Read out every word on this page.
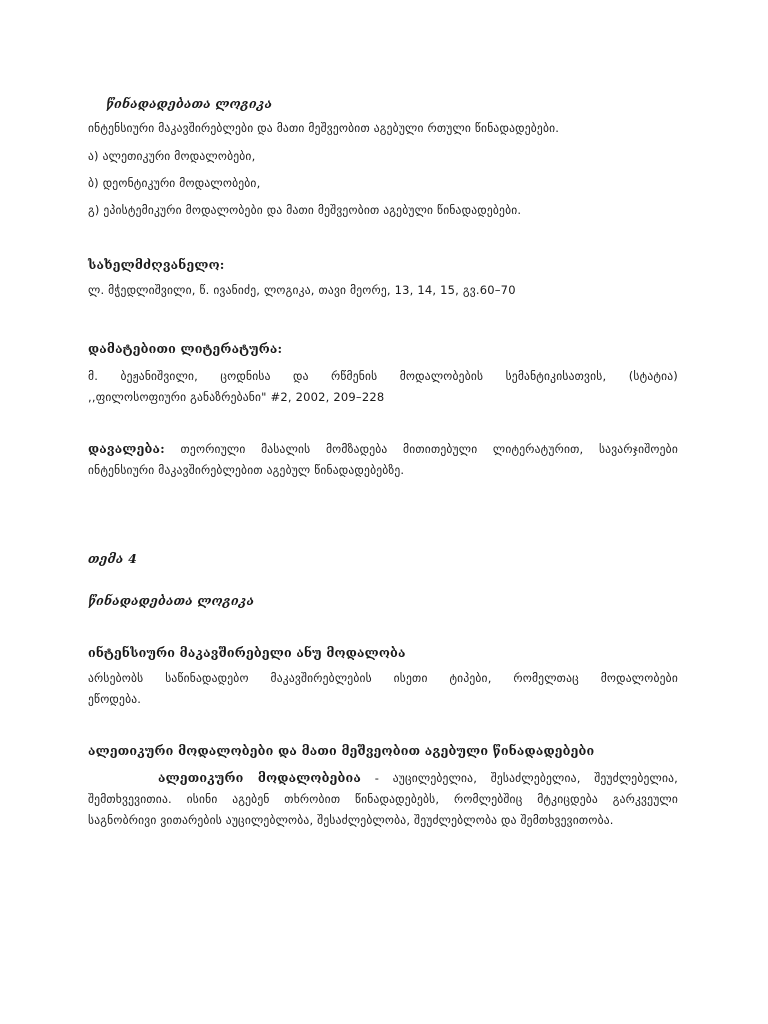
წინადადებათა ლოგიკა
ინტენსიური მაკავშირებლები და მათი მეშვეობით აგებული რთული წინადადებები.
ა) ალეთიკური მოდალობები,
ბ) დეონტიკური მოდალობები,
გ) ეპისტემიკური მოდალობები და მათი მეშვეობით აგებული წინადადებები.
სახელმძღვანელო:
ლ. მჭედლიშვილი, წ. ივანიძე, ლოგიკა, თავი მეორე, 13, 14, 15, გვ.60–70
დამატებითი ლიტერატურა:
მ. ბეჟანიშვილი, ცოდნისა და რწმენის მოდალობების სემანტიკისათვის, (სტატია)
,,ფილოსოფიური განაზრებანი" #2, 2002, 209–228
დავალება: თეორიული მასალის მომზადება მითითებული ლიტერატურით, სავარჯიშოები
ინტენსიური მაკავშირებლებით აგებულ წინადადებებზე.
თემა 4
წინადადებათა ლოგიკა
ინტენსიური მაკავშირებელი ანუ მოდალობა
არსებობს საწინადადებო მაკავშირებლების ისეთი ტიპები, რომელთაც მოდალობები
ეწოდება.
ალეთიკური მოდალობები და მათი მეშვეობით აგებული წინადადებები
ალეთიკური მოდალობებია - აუცილებელია, შესაძლებელია, შეუძლებელია,
შემთხვევითია. ისინი აგებენ თხრობით წინადადებებს, რომლებშიც მტკიცდება გარკვეული
საგნობრივი ვითარების აუცილებლობა, შესაძლებლობა, შეუძლებლობა და შემთხვევითობა.
